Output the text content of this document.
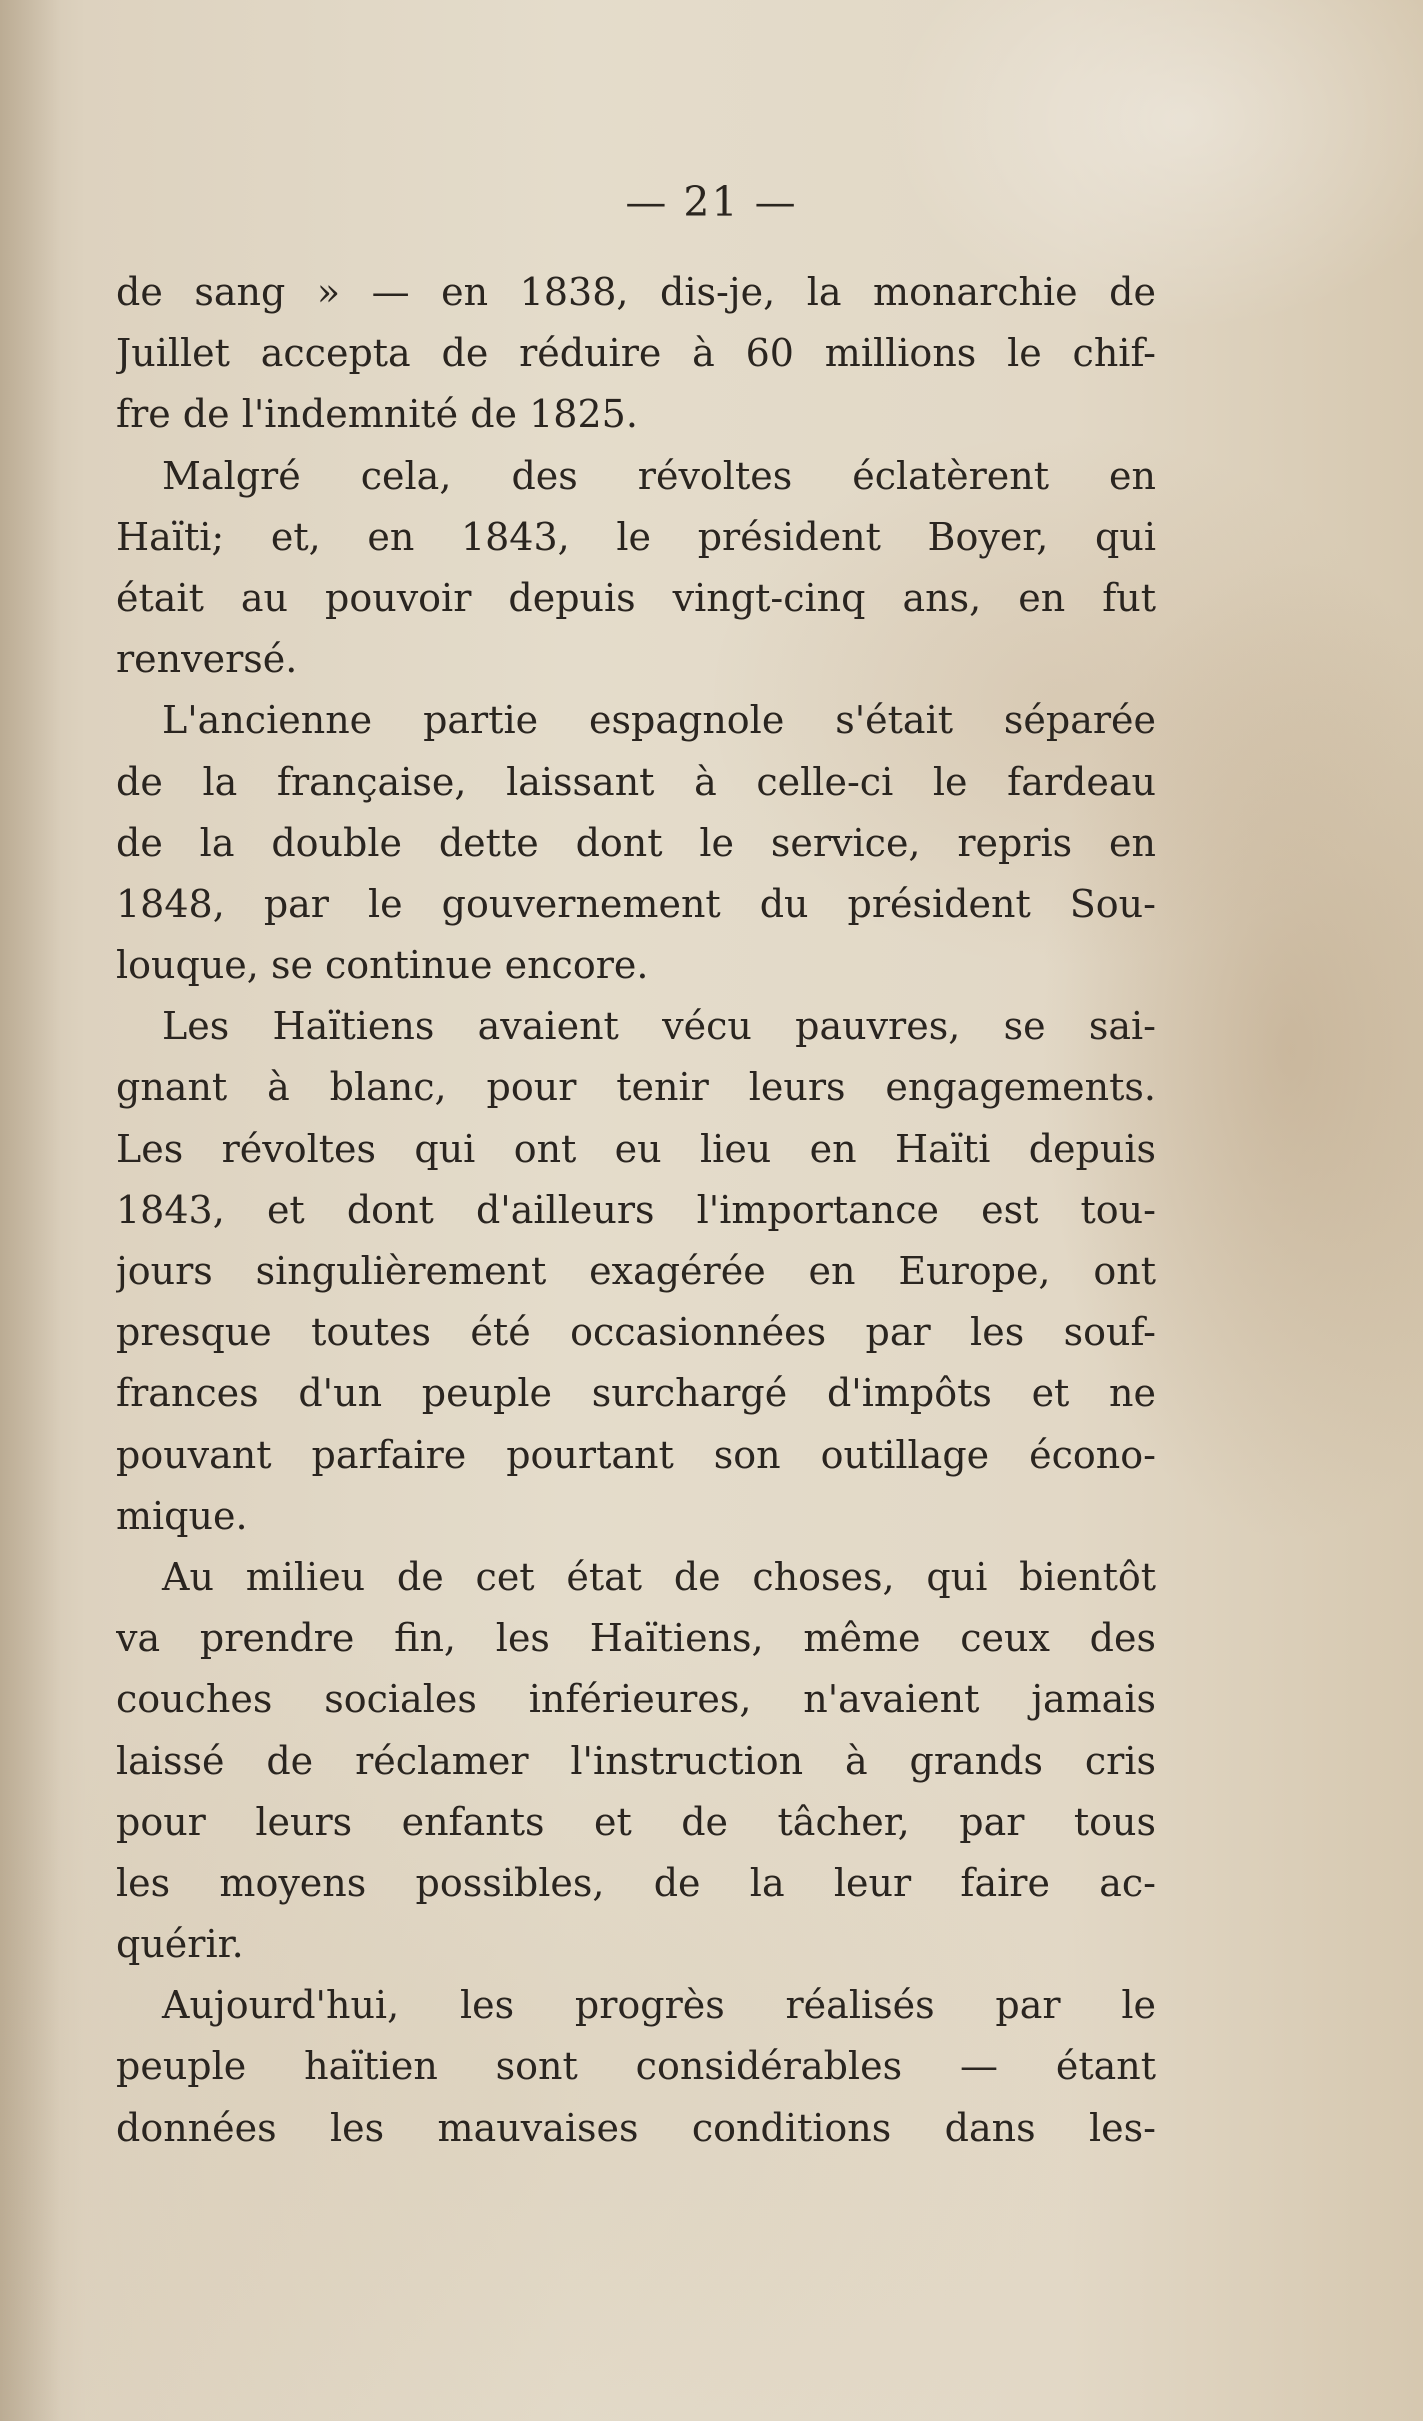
— 21 —
de sang » — en 1838, dis-je, la monarchie de
Juillet accepta de réduire à 60 millions le chif-
fre de l'indemnité de 1825.
Malgré cela, des révoltes éclatèrent en
Haïti; et, en 1843, le président Boyer, qui
était au pouvoir depuis vingt-cinq ans, en fut
renversé.
L'ancienne partie espagnole s'était séparée
de la française, laissant à celle-ci le fardeau
de la double dette dont le service, repris en
1848, par le gouvernement du président Sou-
louque, se continue encore.
Les Haïtiens avaient vécu pauvres, se sai-
gnant à blanc, pour tenir leurs engagements.
Les révoltes qui ont eu lieu en Haïti depuis
1843, et dont d'ailleurs l'importance est tou-
jours singulièrement exagérée en Europe, ont
presque toutes été occasionnées par les souf-
frances d'un peuple surchargé d'impôts et ne
pouvant parfaire pourtant son outillage écono-
mique.
Au milieu de cet état de choses, qui bientôt
va prendre fin, les Haïtiens, même ceux des
couches sociales inférieures, n'avaient jamais
laissé de réclamer l'instruction à grands cris
pour leurs enfants et de tâcher, par tous
les moyens possibles, de la leur faire ac-
quérir.
Aujourd'hui, les progrès réalisés par le
peuple haïtien sont considérables — étant
données les mauvaises conditions dans les-
